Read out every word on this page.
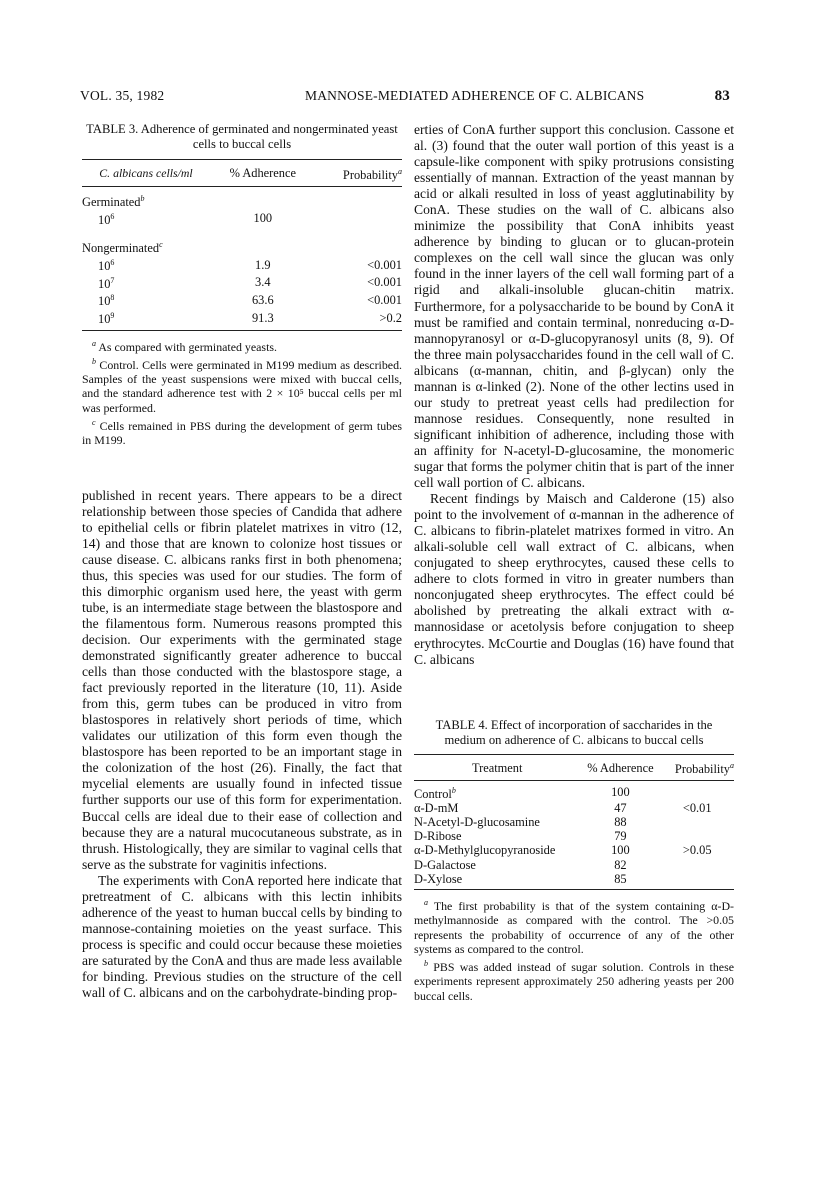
VOL. 35, 1982	MANNOSE-MEDIATED ADHERENCE OF C. ALBICANS	83
TABLE 3. Adherence of germinated and nongerminated yeast cells to buccal cells
C. albicans cells/ml	% Adherence	Probability$^a$
Germinated$^b$
$10^6$	100	
Nongerminated$^c$
$10^6$	1.9	<0.001
$10^7$	3.4	<0.001
$10^8$	63.6	<0.001
$10^9$	91.3	>0.2
$^a$ As compared with germinated yeasts.
$^b$ Control. Cells were germinated in M199 medium as described. Samples of the yeast suspensions were mixed with buccal cells, and the standard adherence test with 2 × 10⁵ buccal cells per ml was performed.
$^c$ Cells remained in PBS during the development of germ tubes in M199.

published in recent years. There appears to be a direct relationship between those species of Candida that adhere to epithelial cells or fibrin platelet matrixes in vitro (12, 14) and those that are known to colonize host tissues or cause disease. C. albicans ranks first in both phenomena; thus, this species was used for our studies. The form of this dimorphic organism used here, the yeast with germ tube, is an intermediate stage between the blastospore and the filamentous form. Numerous reasons prompted this decision. Our experiments with the germinated stage demonstrated significantly greater adherence to buccal cells than those conducted with the blastospore stage, a fact previously reported in the literature (10, 11). Aside from this, germ tubes can be produced in vitro from blastospores in relatively short periods of time, which validates our utilization of this form even though the blastospore has been reported to be an important stage in the colonization of the host (26). Finally, the fact that mycelial elements are usually found in infected tissue further supports our use of this form for experimentation. Buccal cells are ideal due to their ease of collection and because they are a natural mucocutaneous substrate, as in thrush. Histologically, they are similar to vaginal cells that serve as the substrate for vaginitis infections.

The experiments with ConA reported here indicate that pretreatment of C. albicans with this lectin inhibits adherence of the yeast to human buccal cells by binding to mannose-containing moieties on the yeast surface. This process is specific and could occur because these moieties are saturated by the ConA and thus are made less available for binding. Previous studies on the structure of the cell wall of C. albicans and on the carbohydrate-binding prop-

erties of ConA further support this conclusion. Cassone et al. (3) found that the outer wall portion of this yeast is a capsule-like component with spiky protrusions consisting essentially of mannan. Extraction of the yeast mannan by acid or alkali resulted in loss of yeast agglutinability by ConA. These studies on the wall of C. albicans also minimize the possibility that ConA inhibits yeast adherence by binding to glucan or to glucan-protein complexes on the cell wall since the glucan was only found in the inner layers of the cell wall forming part of a rigid and alkali-insoluble glucan-chitin matrix. Furthermore, for a polysaccharide to be bound by ConA it must be ramified and contain terminal, nonreducing α-D-mannopyranosyl or α-D-glucopyranosyl units (8, 9). Of the three main polysaccharides found in the cell wall of C. albicans (α-mannan, chitin, and β-glycan) only the mannan is α-linked (2). None of the other lectins used in our study to pretreat yeast cells had predilection for mannose residues. Consequently, none resulted in significant inhibition of adherence, including those with an affinity for N-acetyl-D-glucosamine, the monomeric sugar that forms the polymer chitin that is part of the inner cell wall portion of C. albicans.

Recent findings by Maisch and Calderone (15) also point to the involvement of α-mannan in the adherence of C. albicans to fibrin-platelet matrixes formed in vitro. An alkali-soluble cell wall extract of C. albicans, when conjugated to sheep erythrocytes, caused these cells to adhere to clots formed in vitro in greater numbers than nonconjugated sheep erythrocytes. The effect could bé abolished by pretreating the alkali extract with α-mannosidase or acetolysis before conjugation to sheep erythrocytes. McCourtie and Douglas (16) have found that C. albicans

TABLE 4. Effect of incorporation of saccharides in the medium on adherence of C. albicans to buccal cells
Treatment	% Adherence	Probability$^a$
Control$^b$	100	
α-D-mM	47	<0.01
N-Acetyl-D-glucosamine	88	
D-Ribose	79	
α-D-Methylglucopyranoside	100	>0.05
D-Galactose	82	
D-Xylose	85	
$^a$ The first probability is that of the system containing α-D-methylmannoside as compared with the control. The >0.05 represents the probability of occurrence of any of the other systems as compared to the control.
$^b$ PBS was added instead of sugar solution. Controls in these experiments represent approximately 250 adhering yeasts per 200 buccal cells.
